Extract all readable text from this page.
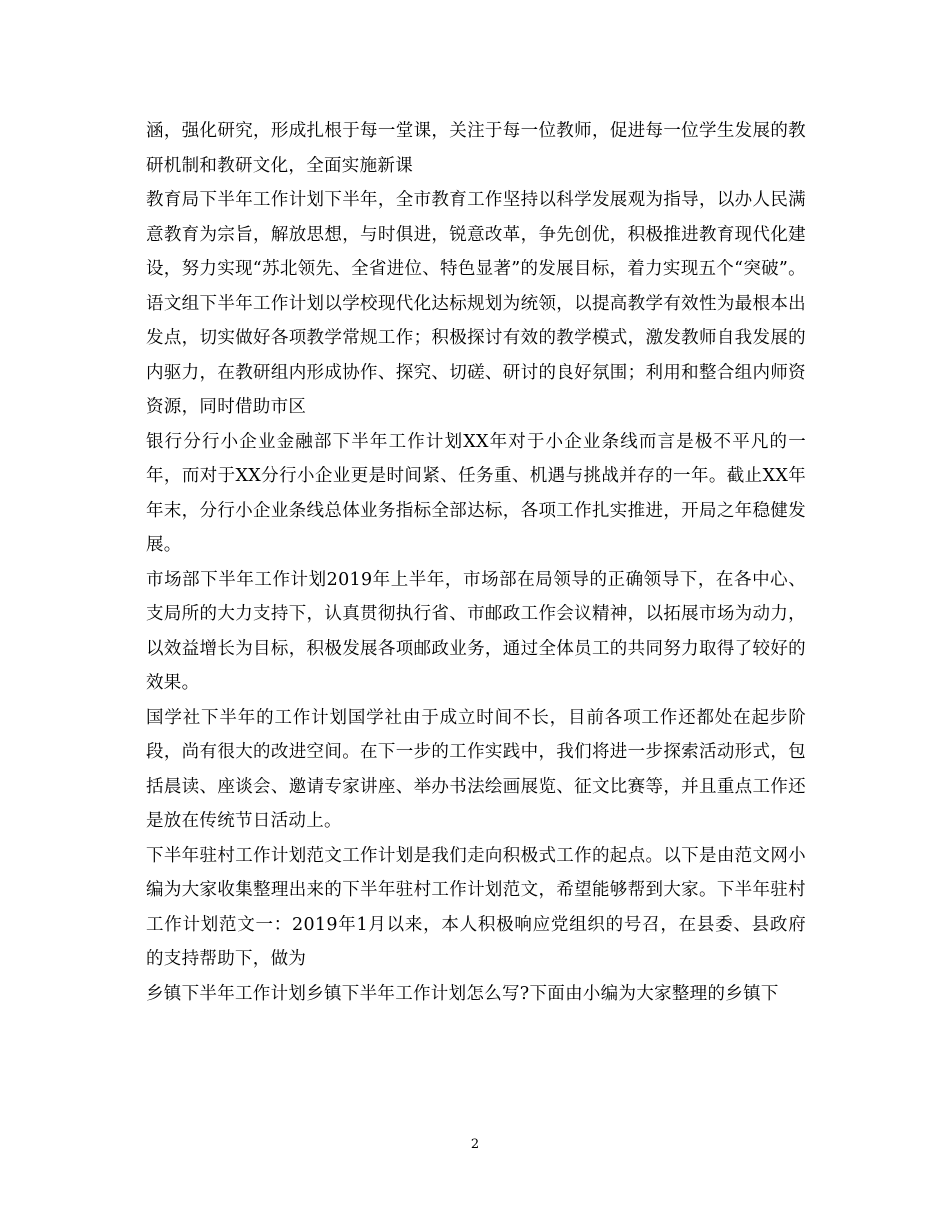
涵，强化研究，形成扎根于每一堂课，关注于每一位教师，促进每一位学生发展的教研机制和教研文化，全面实施新课

教育局下半年工作计划下半年，全市教育工作坚持以科学发展观为指导，以办人民满意教育为宗旨，解放思想，与时俱进，锐意改革，争先创优，积极推进教育现代化建设，努力实现“苏北领先、全省进位、特色显著”的发展目标，着力实现五个“突破”。

语文组下半年工作计划以学校现代化达标规划为统领，以提高教学有效性为最根本出发点，切实做好各项教学常规工作；积极探讨有效的教学模式，激发教师自我发展的内驱力，在教研组内形成协作、探究、切磋、研讨的良好氛围；利用和整合组内师资资源，同时借助市区

银行分行小企业金融部下半年工作计划XX年对于小企业条线而言是极不平凡的一年，而对于XX分行小企业更是时间紧、任务重、机遇与挑战并存的一年。截止XX年年末，分行小企业条线总体业务指标全部达标，各项工作扎实推进，开局之年稳健发展。

市场部下半年工作计划2019年上半年，市场部在局领导的正确领导下，在各中心、支局所的大力支持下，认真贯彻执行省、市邮政工作会议精神，以拓展市场为动力，以效益增长为目标，积极发展各项邮政业务，通过全体员工的共同努力取得了较好的效果。

国学社下半年的工作计划国学社由于成立时间不长，目前各项工作还都处在起步阶段，尚有很大的改进空间。在下一步的工作实践中，我们将进一步探索活动形式，包括晨读、座谈会、邀请专家讲座、举办书法绘画展览、征文比赛等，并且重点工作还是放在传统节日活动上。

下半年驻村工作计划范文工作计划是我们走向积极式工作的起点。以下是由范文网小编为大家收集整理出来的下半年驻村工作计划范文，希望能够帮到大家。下半年驻村工作计划范文一：2019年1月以来，本人积极响应党组织的号召，在县委、县政府的支持帮助下，做为

乡镇下半年工作计划乡镇下半年工作计划怎么写?下面由小编为大家整理的乡镇下

2
